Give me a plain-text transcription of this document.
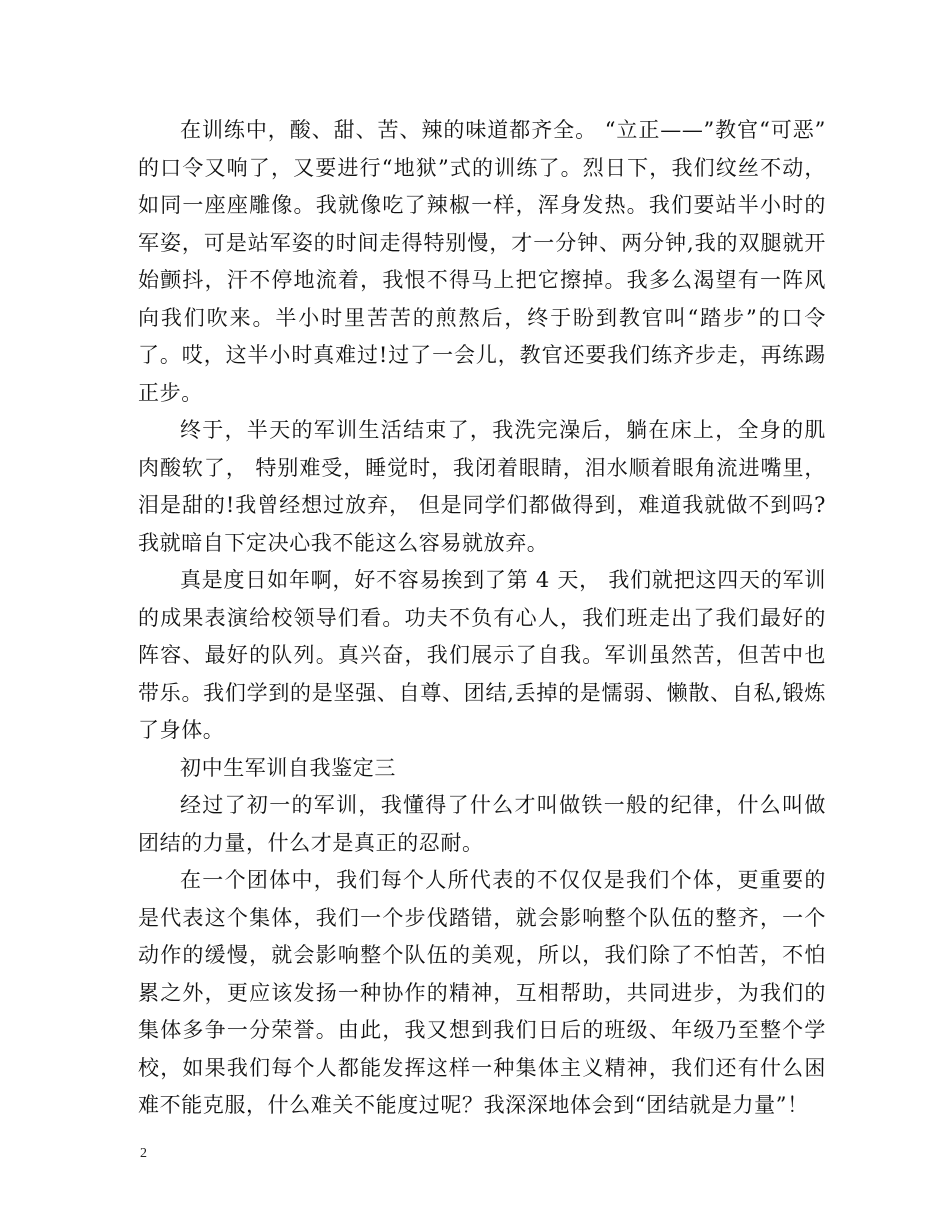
在训练中，酸、甜、苦、辣的味道都齐全。 “立正——”教官“可恶” 的口令又响了，又要进行“地狱”式的训练了。烈日下，我们纹丝不动，如同一座座雕像。我就像吃了辣椒一样，浑身发热。我们要站半小时的军姿，可是站军姿的时间走得特别慢，才一分钟、两分钟,我的双腿就开始颤抖，汗不停地流着，我恨不得马上把它擦掉。我多么渴望有一阵风向我们吹来。半小时里苦苦的煎熬后，终于盼到教官叫“踏步”的口令了。哎，这半小时真难过!过了一会儿，教官还要我们练齐步走，再练踢正步。

终于，半天的军训生活结束了，我洗完澡后，躺在床上，全身的肌肉酸软了， 特别难受，睡觉时，我闭着眼睛，泪水顺着眼角流进嘴里，泪是甜的!我曾经想过放弃， 但是同学们都做得到，难道我就做不到吗?我就暗自下定决心我不能这么容易就放弃。

真是度日如年啊，好不容易挨到了第 4 天， 我们就把这四天的军训的成果表演给校领导们看。功夫不负有心人，我们班走出了我们最好的阵容、最好的队列。真兴奋，我们展示了自我。军训虽然苦，但苦中也带乐。我们学到的是坚强、自尊、团结,丢掉的是懦弱、懒散、自私,锻炼了身体。

初中生军训自我鉴定三

经过了初一的军训，我懂得了什么才叫做铁一般的纪律，什么叫做团结的力量，什么才是真正的忍耐。

在一个团体中，我们每个人所代表的不仅仅是我们个体，更重要的是代表这个集体，我们一个步伐踏错，就会影响整个队伍的整齐，一个动作的缓慢，就会影响整个队伍的美观，所以，我们除了不怕苦，不怕累之外，更应该发扬一种协作的精神，互相帮助，共同进步，为我们的集体多争一分荣誉。由此，我又想到我们日后的班级、年级乃至整个学校，如果我们每个人都能发挥这样一种集体主义精神，我们还有什么困难不能克服，什么难关不能度过呢？我深深地体会到“团结就是力量”！

2
